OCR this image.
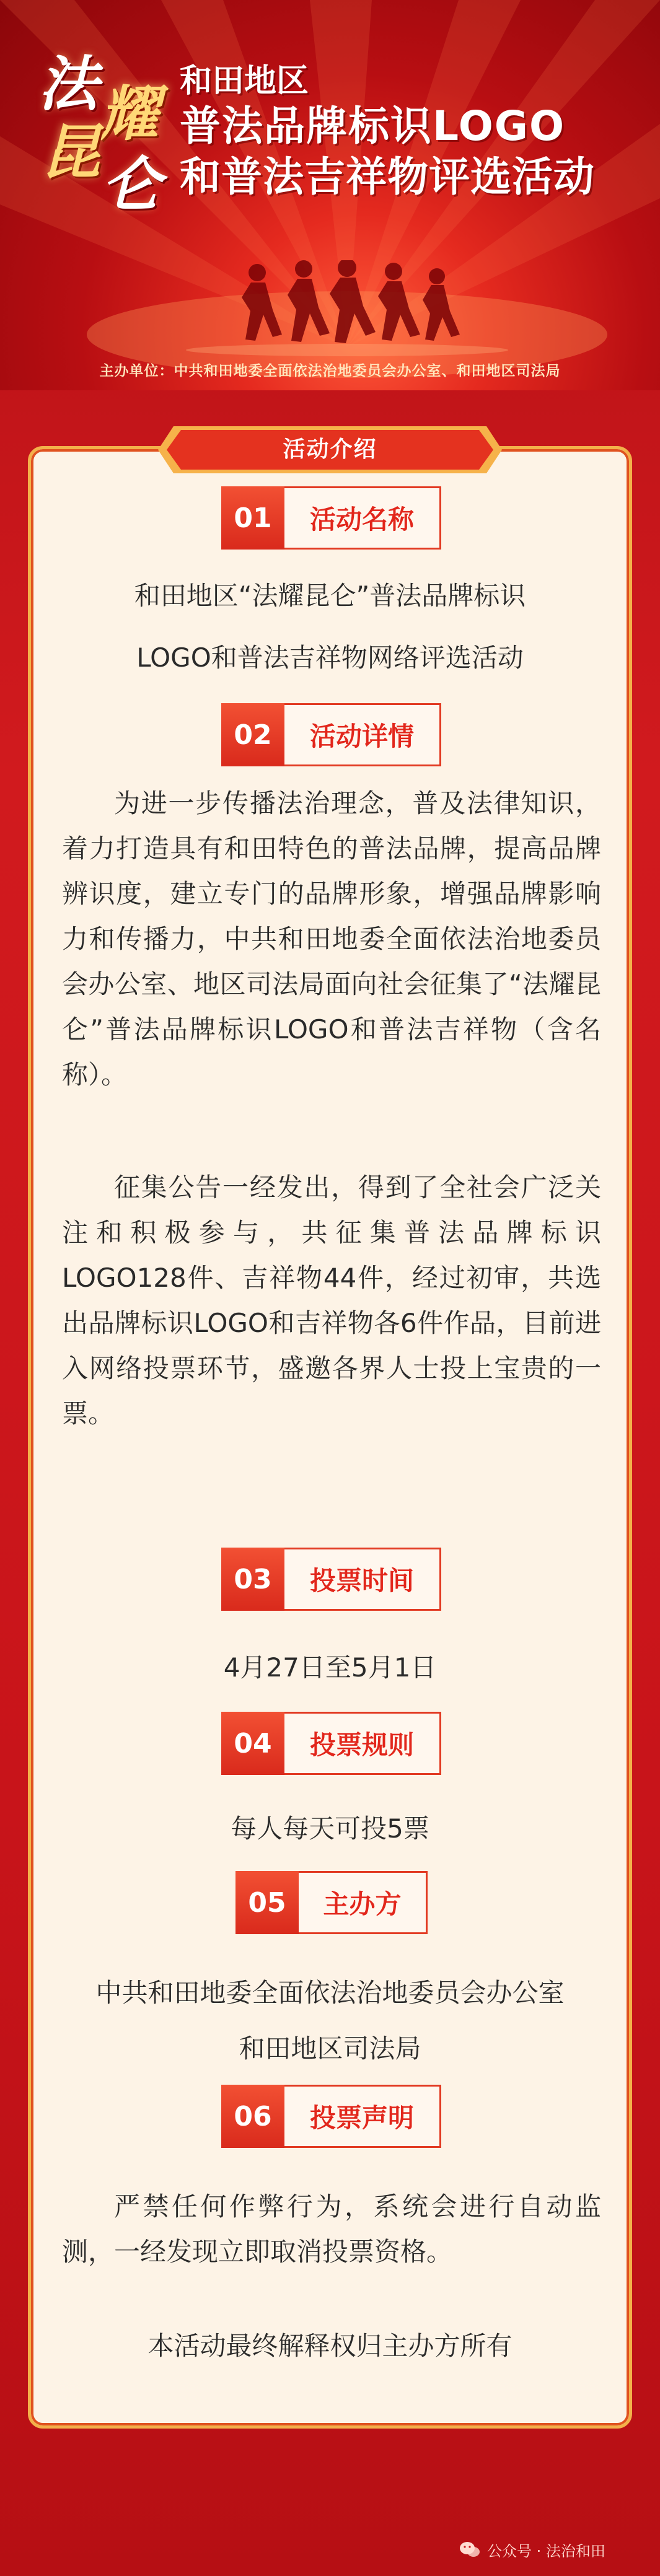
法 耀
昆 仑
和田地区
普法品牌标识LOGO
和普法吉祥物评选活动
主办单位：中共和田地委全面依法治地委员会办公室、和田地区司法局
活动介绍
01	活动名称
和田地区“法耀昆仑”普法品牌标识
LOGO和普法吉祥物网络评选活动
02	活动详情
为进一步传播法治理念，普及法律知识，着力打造具有和田特色的普法品牌，提高品牌辨识度，建立专门的品牌形象，增强品牌影响力和传播力，中共和田地委全面依法治地委员会办公室、地区司法局面向社会征集了“法耀昆仑”普法品牌标识LOGO和普法吉祥物（含名称）。
征集公告一经发出，得到了全社会广泛关注和积极参与，共征集普法品牌标识LOGO128件、吉祥物44件，经过初审，共选出品牌标识LOGO和吉祥物各6件作品，目前进入网络投票环节，盛邀各界人士投上宝贵的一票。
03	投票时间
4月27日至5月1日
04	投票规则
每人每天可投5票
05	主办方
中共和田地委全面依法治地委员会办公室
和田地区司法局
06	投票声明
严禁任何作弊行为，系统会进行自动监测，一经发现立即取消投票资格。
本活动最终解释权归主办方所有
公众号 · 法治和田
